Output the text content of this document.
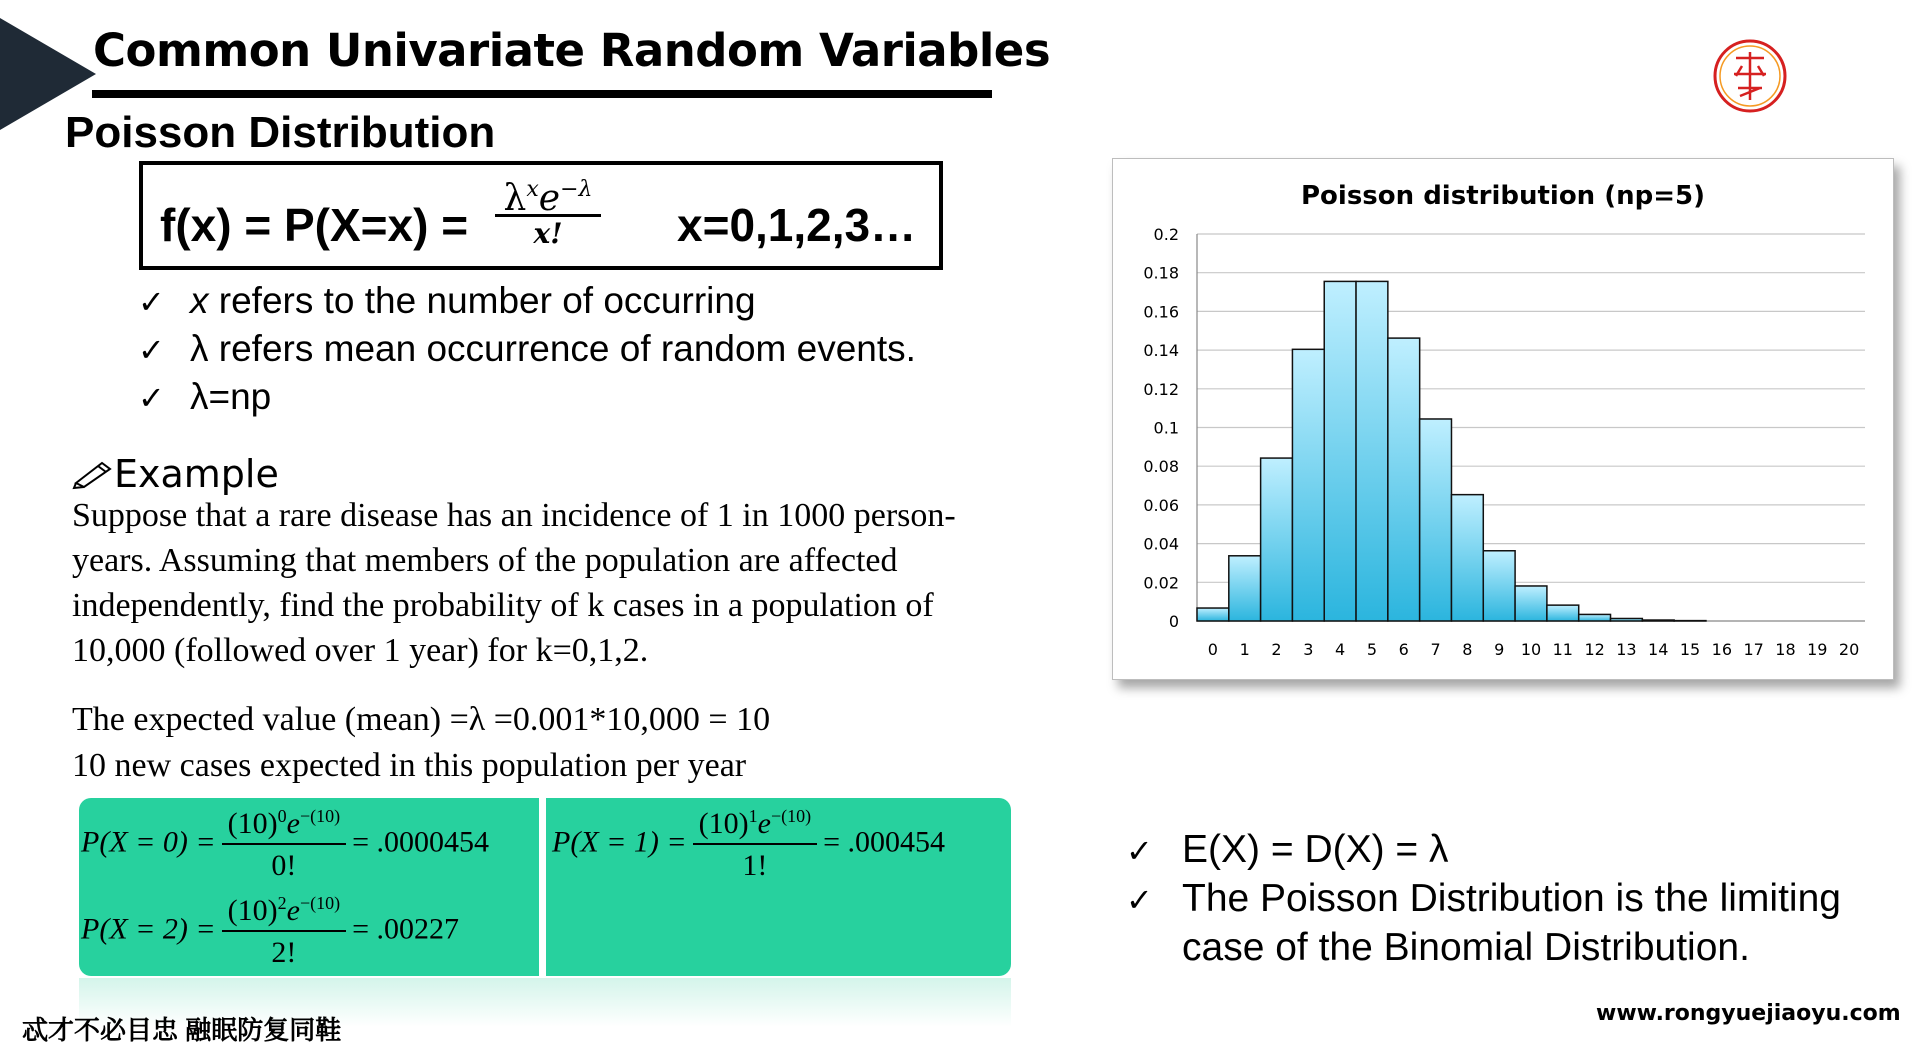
Common Univariate Random Variables
Poisson Distribution
f(x) = P(X=x) =
$\lambda^xe^{-\lambda}$
x!	x=0,1,2,3…
✓ x refers to the number of occurring
✓ λ refers mean occurrence of random events.
✓ λ=np
Example
Suppose that a rare disease has an incidence of 1 in 1000 person-
years. Assuming that members of the population are affected
independently, find the probability of k cases in a population of
10,000 (followed over 1 year) for k=0,1,2.
The expected value (mean) =λ =0.001*10,000 = 10
10 new cases expected in this population per year
$P(X = 0) = \frac{(10)^0e^{-(10)}}{0!} = .0000454$ $P(X = 1) = \frac{(10)^1e^{-(10)}}{1!} = .000454$
$P(X = 2) = \frac{(10)^2e^{-(10)}}{2!} = .00227$
Poisson distribution (np=5)
0
0.02
0.04
0.06
0.08
0.1
0.12
0.14
0.16
0.18
0.2
0 1 2 3 4 5 6 7 8 9 10 11 12 13 14 15 16 17 18 19 20
✓ E(X) = D(X) = λ
✓ The Poisson Distribution is the limiting
case of the Binomial Distribution.
忒才不必目忠 融眠防复同鞋
www.rongyuejiaoyu.com
